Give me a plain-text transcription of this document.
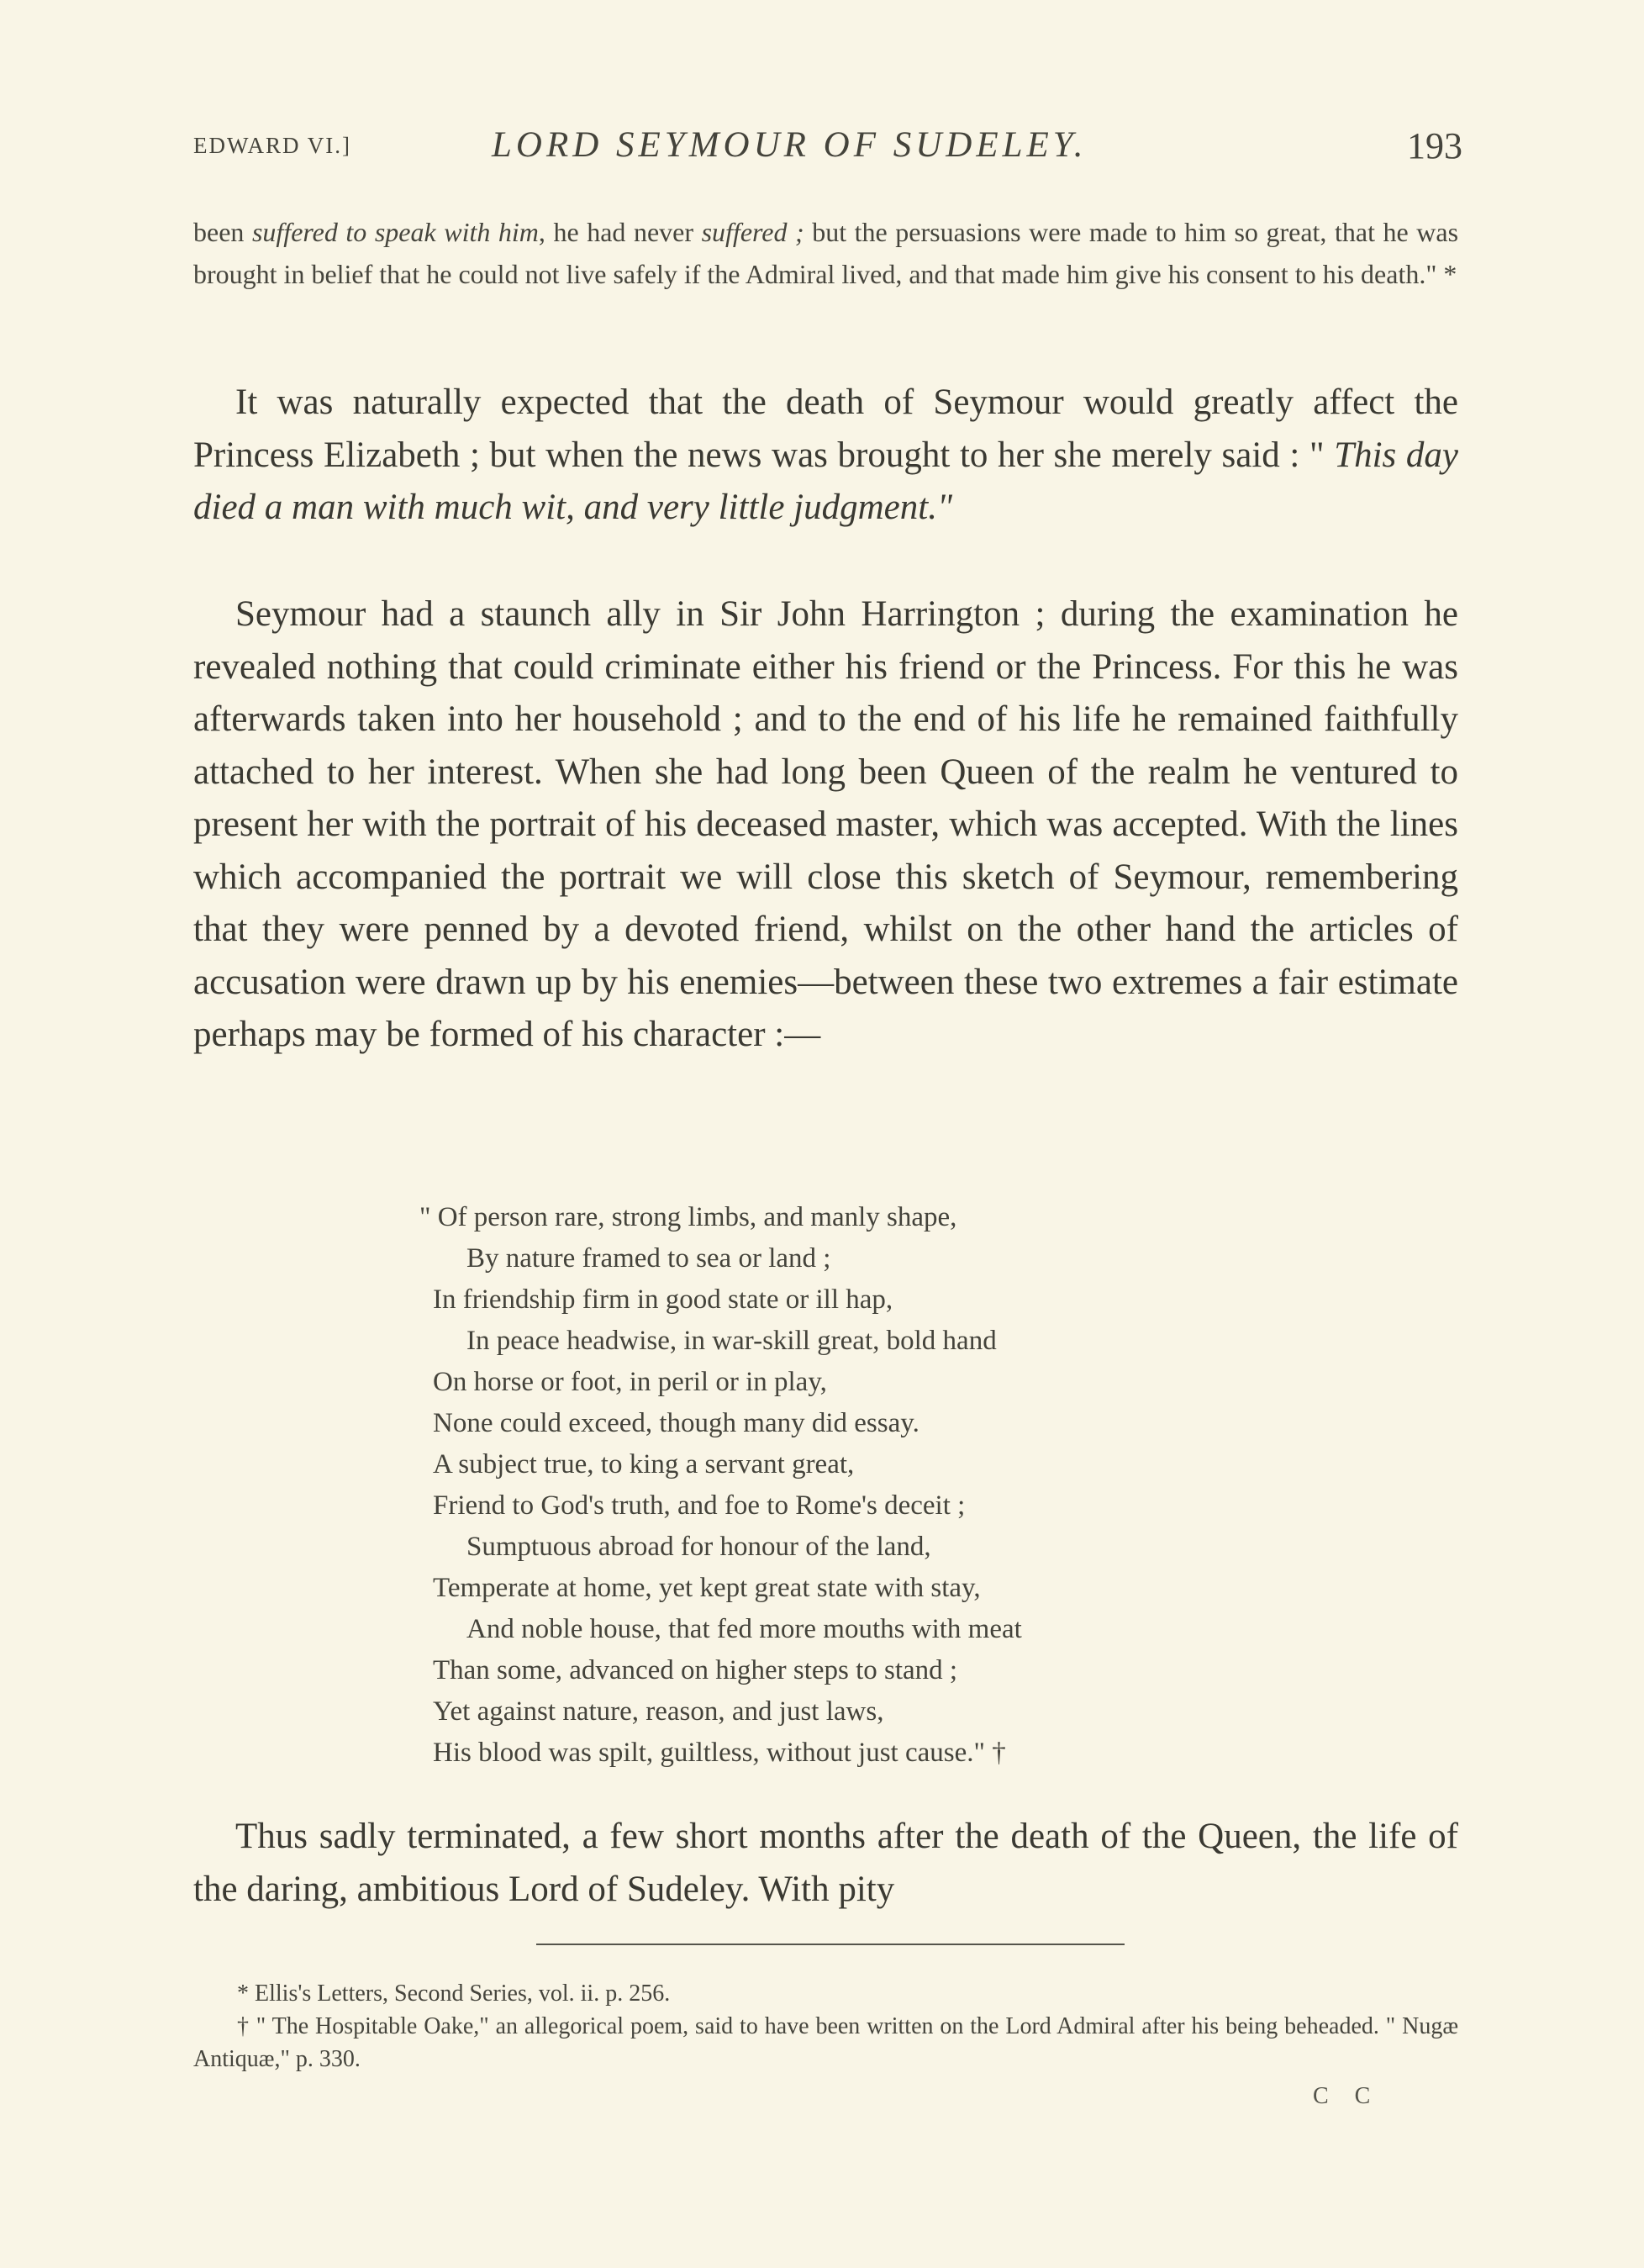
EDWARD VI.]	LORD SEYMOUR OF SUDELEY.	193

been suffered to speak with him, he had never suffered ; but the persuasions were made to him so great, that he was brought in belief that he could not live safely if the Admiral lived, and that made him give his consent to his death." *

It was naturally expected that the death of Seymour would greatly affect the Princess Elizabeth ; but when the news was brought to her she merely said : " This day died a man with much wit, and very little judgment."

Seymour had a staunch ally in Sir John Harrington ; during the examination he revealed nothing that could criminate either his friend or the Princess. For this he was afterwards taken into her household ; and to the end of his life he remained faithfully attached to her interest. When she had long been Queen of the realm he ventured to present her with the portrait of his deceased master, which was accepted. With the lines which accompanied the portrait we will close this sketch of Seymour, remembering that they were penned by a devoted friend, whilst on the other hand the articles of accusation were drawn up by his enemies—between these two extremes a fair estimate perhaps may be formed of his character :—

" Of person rare, strong limbs, and manly shape,
By nature framed to sea or land ;
In friendship firm in good state or ill hap,
In peace headwise, in war-skill great, bold hand
On horse or foot, in peril or in play,
None could exceed, though many did essay.
A subject true, to king a servant great,
Friend to God's truth, and foe to Rome's deceit ;
Sumptuous abroad for honour of the land,
Temperate at home, yet kept great state with stay,
And noble house, that fed more mouths with meat
Than some, advanced on higher steps to stand ;
Yet against nature, reason, and just laws,
His blood was spilt, guiltless, without just cause." †

Thus sadly terminated, a few short months after the death of the Queen, the life of the daring, ambitious Lord of Sudeley. With pity

* Ellis's Letters, Second Series, vol. ii. p. 256.

† " The Hospitable Oake," an allegorical poem, said to have been written on the Lord Admiral after his being beheaded. " Nugæ Antiquæ," p. 330.

C C
